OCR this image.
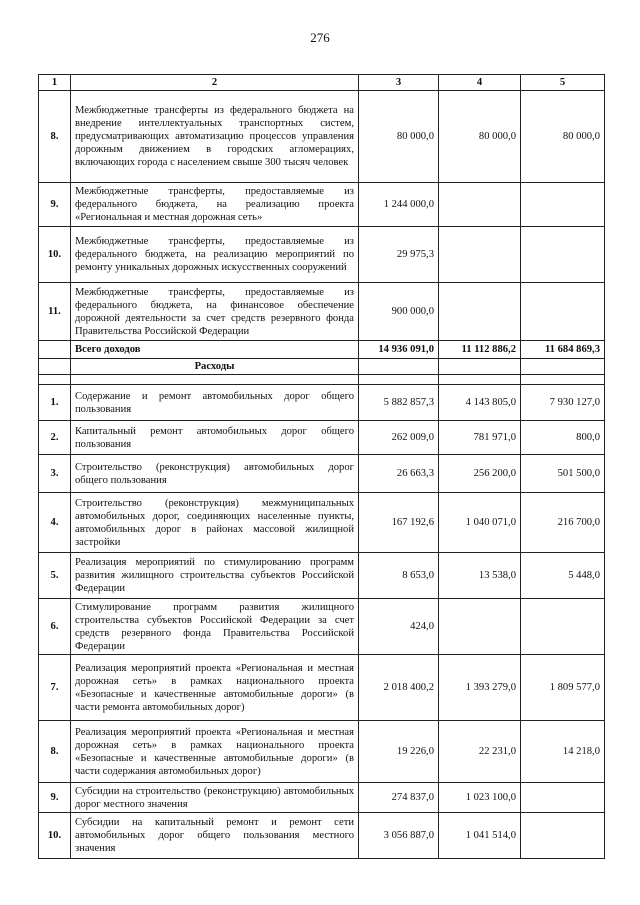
276
1	2	3	4	5
8.	Межбюджетные трансферты из федерального бюджета на внедрение интеллектуальных транспортных систем, предусматривающих автоматизацию процессов управления дорожным движением в городских агломерациях, включающих города с населением свыше 300 тысяч человек	80 000,0	80 000,0	80 000,0
9.	Межбюджетные трансферты, предоставляемые из федерального бюджета, на реализацию проекта «Региональная и местная дорожная сеть»	1 244 000,0		
10.	Межбюджетные трансферты, предоставляемые из федерального бюджета, на реализацию мероприятий по ремонту уникальных дорожных искусственных сооружений	29 975,3		
11.	Межбюджетные трансферты, предоставляемые из федерального бюджета, на финансовое обеспечение дорожной деятельности за счет средств резервного фонда Правительства Российской Федерации	900 000,0		
	Всего доходов	14 936 091,0	11 112 886,2	11 684 869,3
	Расходы			

1.	Содержание и ремонт автомобильных дорог общего пользования	5 882 857,3	4 143 805,0	7 930 127,0
2.	Капитальный ремонт автомобильных дорог общего пользования	262 009,0	781 971,0	800,0
3.	Строительство (реконструкция) автомобильных дорог общего пользования	26 663,3	256 200,0	501 500,0
4.	Строительство (реконструкция) межмуниципальных автомобильных дорог, соединяющих населенные пункты, автомобильных дорог в районах массовой жилищной застройки	167 192,6	1 040 071,0	216 700,0
5.	Реализация мероприятий по стимулированию программ развития жилищного строительства субъектов Российской Федерации	8 653,0	13 538,0	5 448,0
6.	Стимулирование программ развития жилищного строительства субъектов Российской Федерации за счет средств резервного фонда Правительства Российской Федерации	424,0		
7.	Реализация мероприятий проекта «Региональная и местная дорожная сеть» в рамках национального проекта «Безопасные и качественные автомобильные дороги» (в части ремонта автомобильных дорог)	2 018 400,2	1 393 279,0	1 809 577,0
8.	Реализация мероприятий проекта «Региональная и местная дорожная сеть» в рамках национального проекта «Безопасные и качественные автомобильные дороги» (в части содержания автомобильных дорог)	19 226,0	22 231,0	14 218,0
9.	Субсидии на строительство (реконструкцию) автомобильных дорог местного значения	274 837,0	1 023 100,0	
10.	Субсидии на капитальный ремонт и ремонт сети автомобильных дорог общего пользования местного значения	3 056 887,0	1 041 514,0	
